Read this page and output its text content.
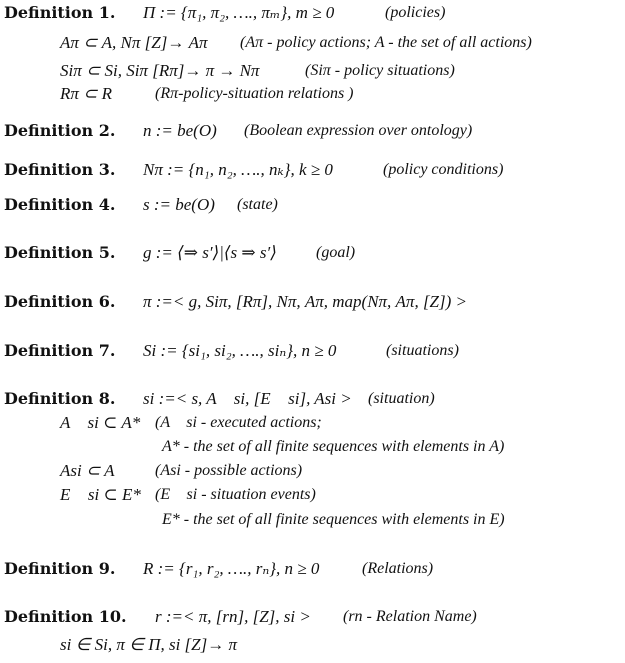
Definition 1. Π := {π₁, π₂, …., πₘ}, m ≥ 0	(policies)
Aπ ⊂ A, Nπ [Z]→ Aπ (Aπ - policy actions; A - the set of all actions)
Siπ ⊂ Si, Siπ [Rπ]→ π → Nπ	(Siπ - policy situations)
Rπ ⊂ R	(Rπ-policy-situation relations )
Definition 2. n := be(O) (Boolean expression over ontology)
Definition 3. Nπ := {n₁, n₂, …., nₖ}, k ≥ 0	(policy conditions)
Definition 4. s := be(O) (state)
Definition 5. g := ⟨⇒ s′⟩|⟨s ⇒ s′⟩ (goal)
Definition 6. π :=< g, Siπ, [Rπ], Nπ, Aπ, map(Nπ, Aπ, [Z]) >
Definition 7. Si := {si₁, si₂, …., siₙ}, n ≥ 0	(situations)
Definition 8. si :=< s, A ⃖si, [E ⃖si], Asi > (situation)
A ⃖si ⊂ A* (A ⃖si - executed actions;
A* - the set of all finite sequences with elements in A)
Asi ⊂ A	(Asi - possible actions)
E ⃖si ⊂ E* (E ⃖si - situation events)
E* - the set of all finite sequences with elements in E)
Definition 9. R := {r₁, r₂, …., rₙ}, n ≥ 0	(Relations)
Definition 10. r :=< π, [rn], [Z], si > (rn - Relation Name)
si ∈ Si, π ∈ Π, si [Z]→ π
